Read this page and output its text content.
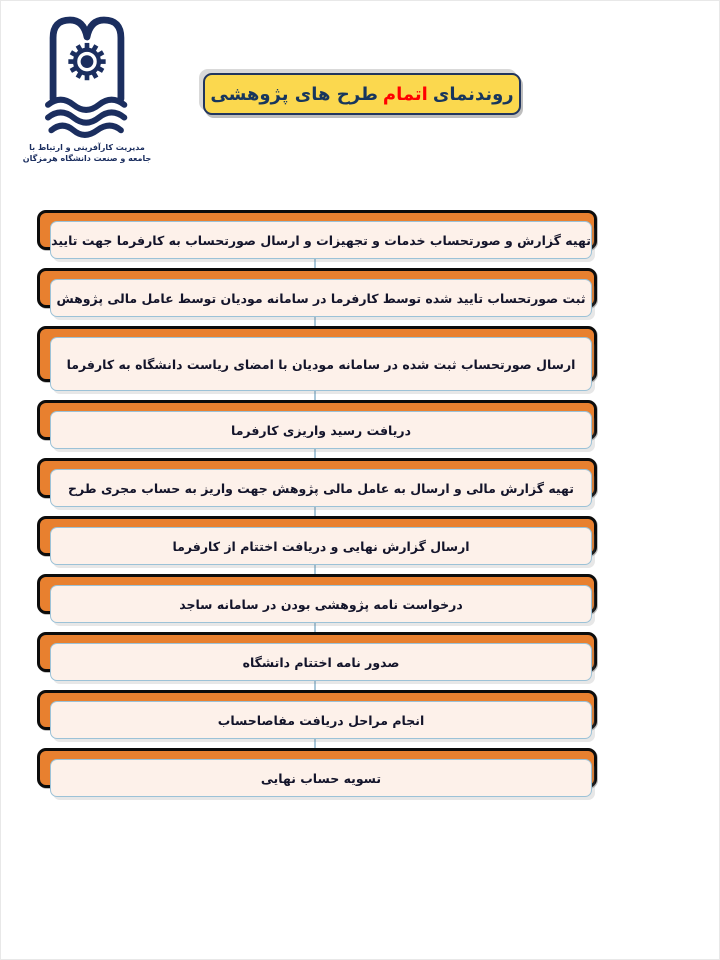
مدیریت کارآفرینی و ارتباط با
جامعه و صنعت دانشگاه هرمزگان
روندنمای
اتمام
طرح های پژوهشی
تهیه گزارش و صورتحساب خدمات و تجهیزات و ارسال صورتحساب به کارفرما جهت تایید
ثبت صورتحساب تایید شده توسط کارفرما در سامانه مودیان توسط عامل مالی پژوهش
ارسال صورتحساب ثبت شده در سامانه مودیان با امضای ریاست دانشگاه به کارفرما
دریافت رسید واریزی کارفرما
تهیه گزارش مالی و ارسال به عامل مالی پژوهش جهت واریز به حساب مجری طرح
ارسال گزارش نهایی و دریافت اختتام از کارفرما
درخواست نامه پژوهشی بودن در سامانه ساجد
صدور نامه اختتام داتشگاه
انجام مراحل دریافت مفاصاحساب
تسویه حساب نهایی
